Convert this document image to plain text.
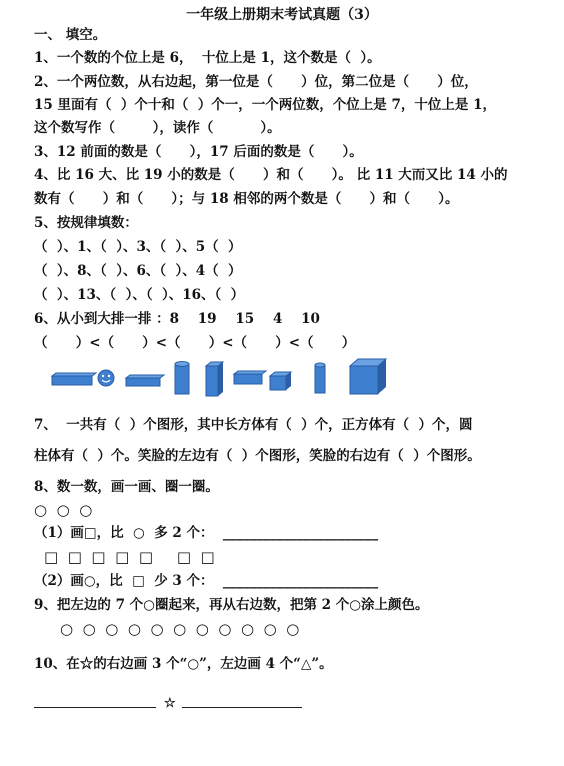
一年级上册期末考试真题（3）
一、 填空。
1、一个数的个位上是 6，  十位上是 1，这个数是（  ）。
2、一个两位数，从右边起，第一位是（      ）位，第二位是（      ）位，
15 里面有（  ）个十和（  ）个一，一个两位数，个位上是 7，十位上是 1，
这个数写作（        ），读作（          ）。
3、12 前面的数是（      ），17 后面的数是（      ）。
4、比 16 大、比 19 小的数是（      ）和（      ）。 比 11 大而又比 14 小的
数有（      ）和（      ）；与 18 相邻的两个数是（      ）和（      ）。
5、按规律填数：
（  ）、1、（  ）、3、（  ）、5（  ）
（  ）、8、（  ）、6、（  ）、4（  ）
（  ）、13、（  ）、（  ）、16、（  ）
6、从小到大排一排 ：8    19    15    4    10
（      ）<（      ）<（      ）<（      ）<（      ）
7、  一共有（  ）个图形，其中长方体有（  ）个，正方体有（  ）个，圆
柱体有（  ）个。笑脸的左边有（  ）个图形，笑脸的右边有（  ）个图形。
8、数一数，画一画、圈一圈。
○  ○  ○
（1）画□，比  ○  多 2 个：  _______________________
□  □  □  □  □     □  □
（2）画○，比  □  少 3 个：  _______________________
9、把左边的 7 个○圈起来，再从右边数，把第 2 个○涂上颜色。
○  ○  ○  ○  ○  ○  ○  ○  ○  ○  ○
10、在☆的右边画 3 个“○”，左边画 4 个“△”。
☆
